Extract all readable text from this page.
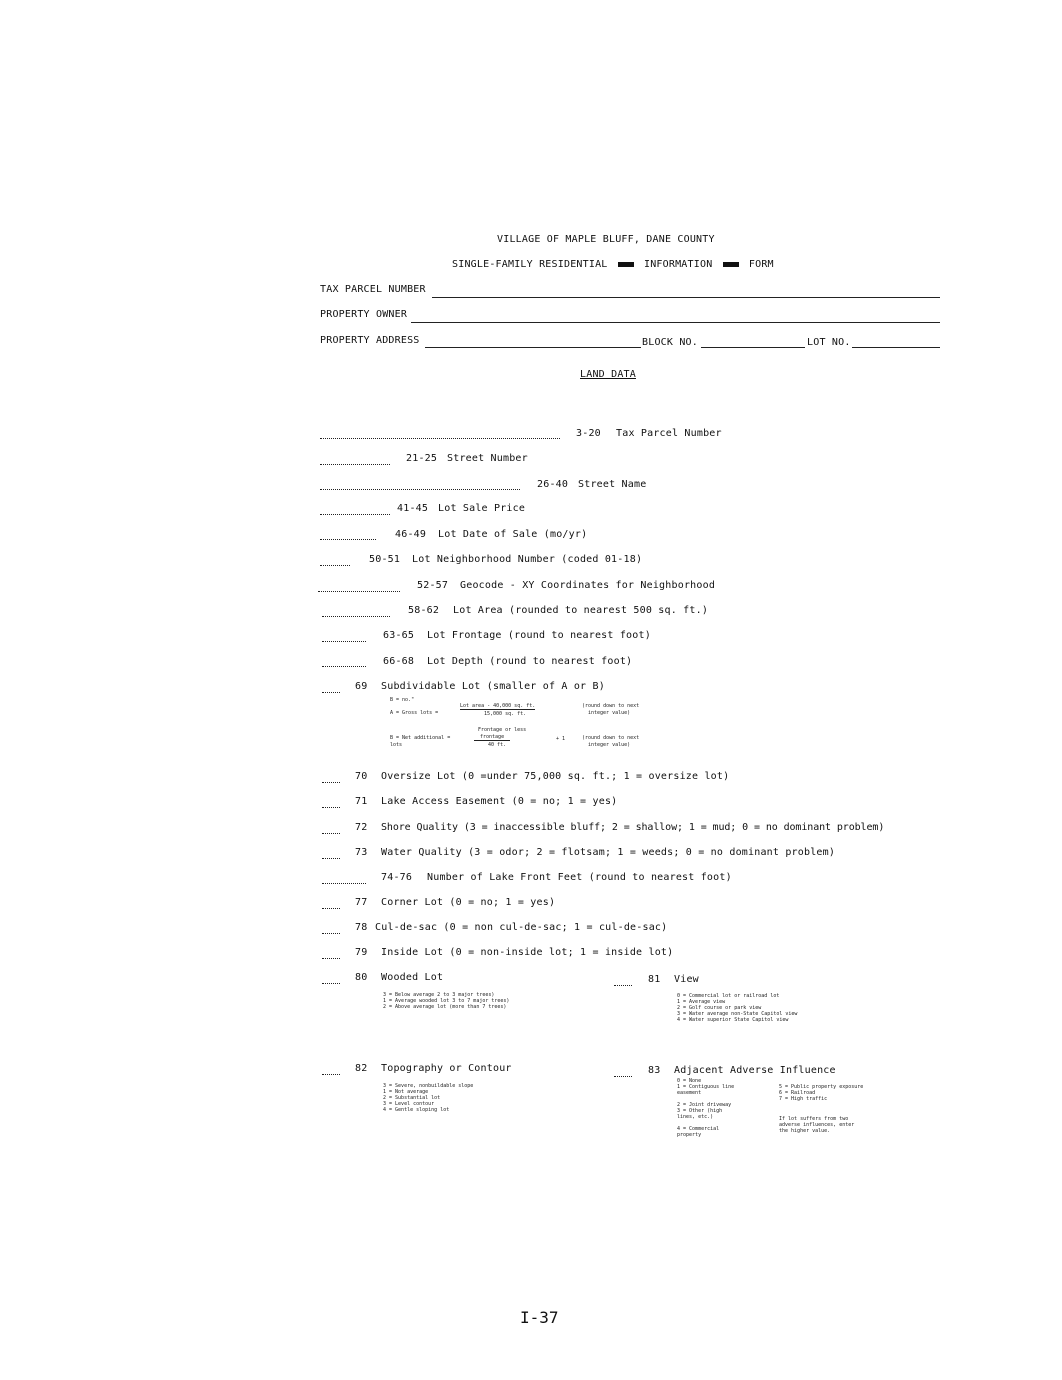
VILLAGE OF MAPLE BLUFF, DANE COUNTY
SINGLE-FAMILY RESIDENTIAL	INFORMATION	FORM
TAX PARCEL NUMBER
PROPERTY OWNER
PROPERTY ADDRESS	BLOCK NO.	LOT NO.
LAND DATA
3-20 Tax Parcel Number
21-25 Street Number
26-40 Street Name
41-45 Lot Sale Price
46-49 Lot Date of Sale (mo/yr)
50-51 Lot Neighborhood Number (coded 01-18)
52-57 Geocode - XY Coordinates for Neighborhood
58-62 Lot Area (rounded to nearest 500 sq. ft.)
63-65 Lot Frontage (round to nearest foot)
66-68 Lot Depth (round to nearest foot)
69 Subdividable Lot (smaller of A or B)
B = no."
A = Gross lots =
Lot area - 40,000 sq. ft.
15,000 sq. ft.
(round down to next
integer value)
Frontage or less
B = Net additional =
lots
frontage
40 ft.
+ 1	(round down to next
integer value)
70 Oversize Lot (0 =under 75,000 sq. ft.; 1 = oversize lot)
71 Lake Access Easement (0 = no; 1 = yes)
72 Shore Quality (3 = inaccessible bluff; 2 = shallow; 1 = mud; 0 = no dominant problem)
73 Water Quality (3 = odor; 2 = flotsam; 1 = weeds; 0 = no dominant problem)
74-76 Number of Lake Front Feet (round to nearest foot)
77 Corner Lot (0 = no; 1 = yes)
78 Cul-de-sac (0 = non cul-de-sac; 1 = cul-de-sac)
79 Inside Lot (0 = non-inside lot; 1 = inside lot)
80 Wooded Lot
3 = Below average 2 to 3 major trees)
1 = Average wooded lot 3 to 7 major trees)
2 = Above average lot (more than 7 trees)
81 View
0 = Commercial lot or railroad lot
1 = Average view
2 = Golf course or park view
3 = Water average non-State Capitol view
4 = Water superior State Capitol view
82 Topography or Contour
3 = Severe, nonbuildable slope
1 = Not average
2 = Substantial lot
3 = Level contour
4 = Gentle sloping lot
83 Adjacent Adverse Influence
0 = None
1 = Contiguous line
easement
2 = Joint driveway
3 = Other (high
lines, etc.)
4 = Commercial
property
5 = Public property exposure
6 = Railroad
7 = High traffic
If lot suffers from two
adverse influences, enter
the higher value.
I-37
